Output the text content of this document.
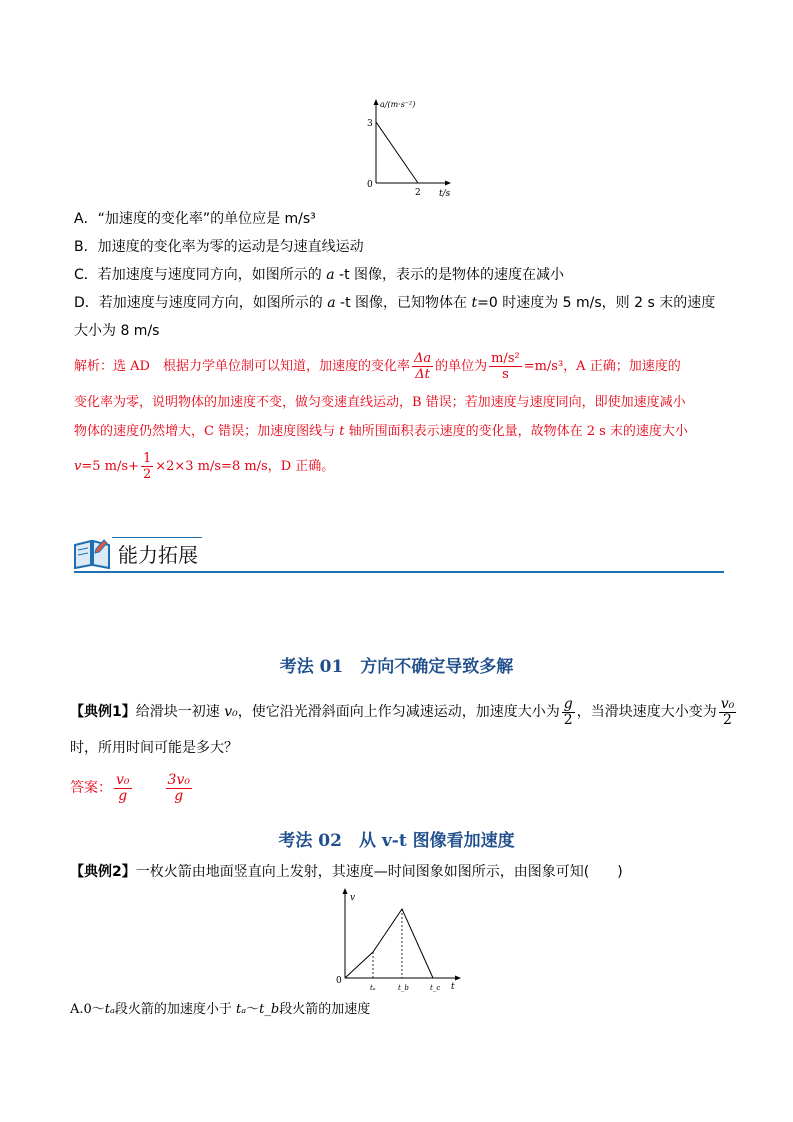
a/(m·s⁻²)
3
0
2 t/s
A．“加速度的变化率”的单位应是 m/s³
B．加速度的变化率为零的运动是匀速直线运动
C．若加速度与速度同方向，如图所示的 a -t 图像，表示的是物体的速度在减小
D．若加速度与速度同方向，如图所示的 a -t 图像，已知物体在 t=0 时速度为 5 m/s，则 2 s 末的速度
大小为 8 m/s
解析：选 AD　根据力学单位制可以知道，加速度的变化率 $\frac{\Delta a}{\Delta t}$ 的单位为 $\frac{\text{m/s²}}{s} =m/s^3$，A 正确；加速度的
变化率为零，说明物体的加速度不变，做匀变速直线运动，B 错误；若加速度与速度同向，即使加速度减小
物体的速度仍然增大，C 错误；加速度图线与 t 轴所围面积表示速度的变化量，故物体在 2 s 末的速度大小
v=5 $m/s+ \frac{1}{2} \times 2\times 3$ m/s=8 m/s，D 正确。
能力拓展
考法 01　方向不确定导致多解
【典例1】给滑块一初速 v₀，使它沿光滑斜面向上作匀减速运动，加速度大小为 $\frac{g}{2}$ ，当滑块速度大小变为 $\frac{\text{v₀}}{2}$
时，所用时间可能是多大？
答案： $\frac{\text{v₀}}{g} \frac{\text{3v₀}}{g}$
考法 02　从 v-t 图像看加速度
【典例2】一枚火箭由地面竖直向上发射，其速度—时间图象如图所示，由图象可知(　　)
v
0
tₐ	t_b	t_c t
A.0～tₐ段火箭的加速度小于 tₐ～t_b段火箭的加速度
